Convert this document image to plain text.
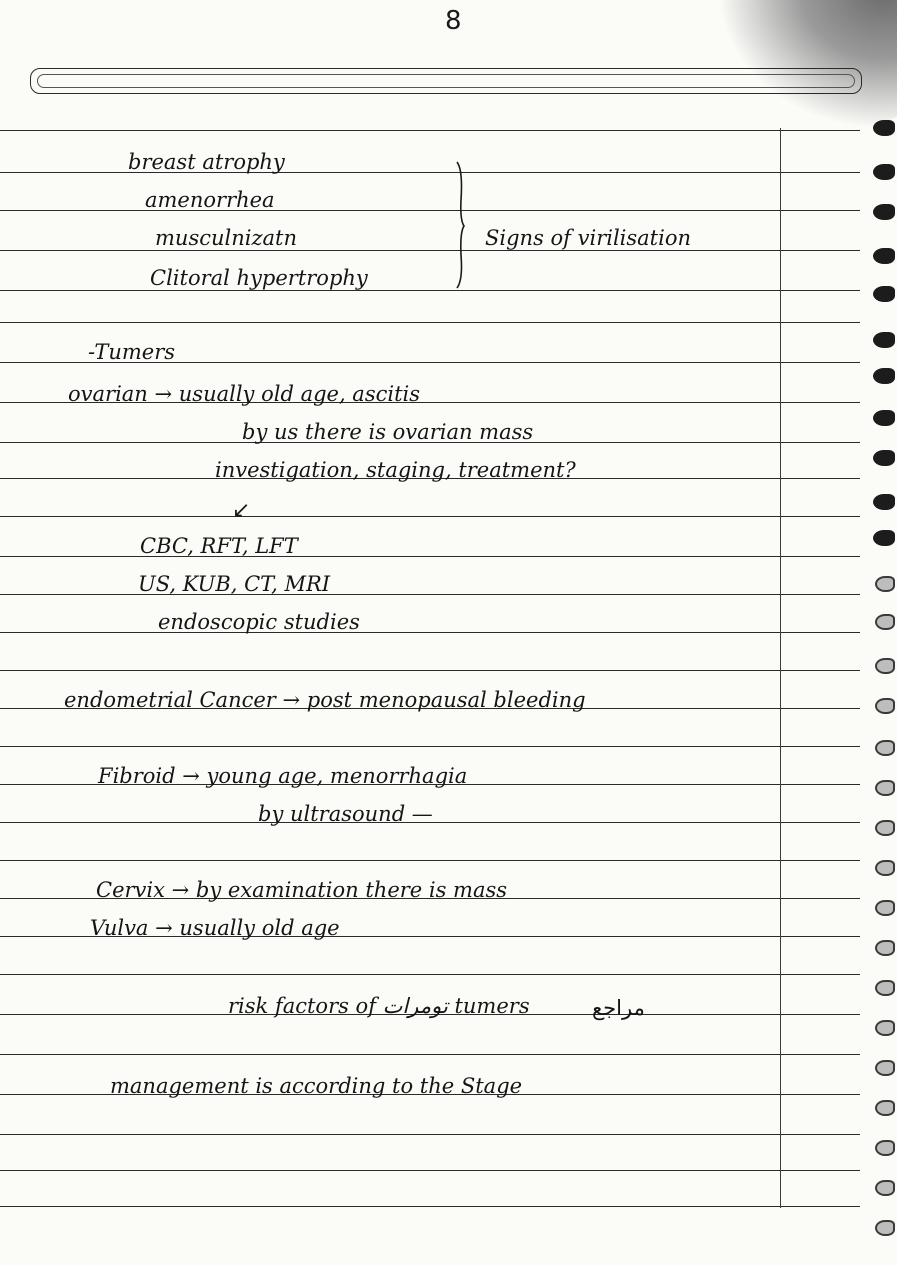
8
breast atrophy
amenorrhea
musculnizatn
Clitoral hypertrophy
Signs of virilisation
-Tumers
ovarian → usually old age, ascitis
by us there is ovarian mass
investigation, staging, treatment?
↙
CBC, RFT, LFT
US, KUB, CT, MRI
endoscopic studies
endometrial Cancer → post menopausal bleeding
Fibroid → young age, menorrhagia
by ultrasound —
Cervix → by examination there is mass
Vulva → usually old age
risk factors of تومرات tumers	مراجع
management is according to the Stage
